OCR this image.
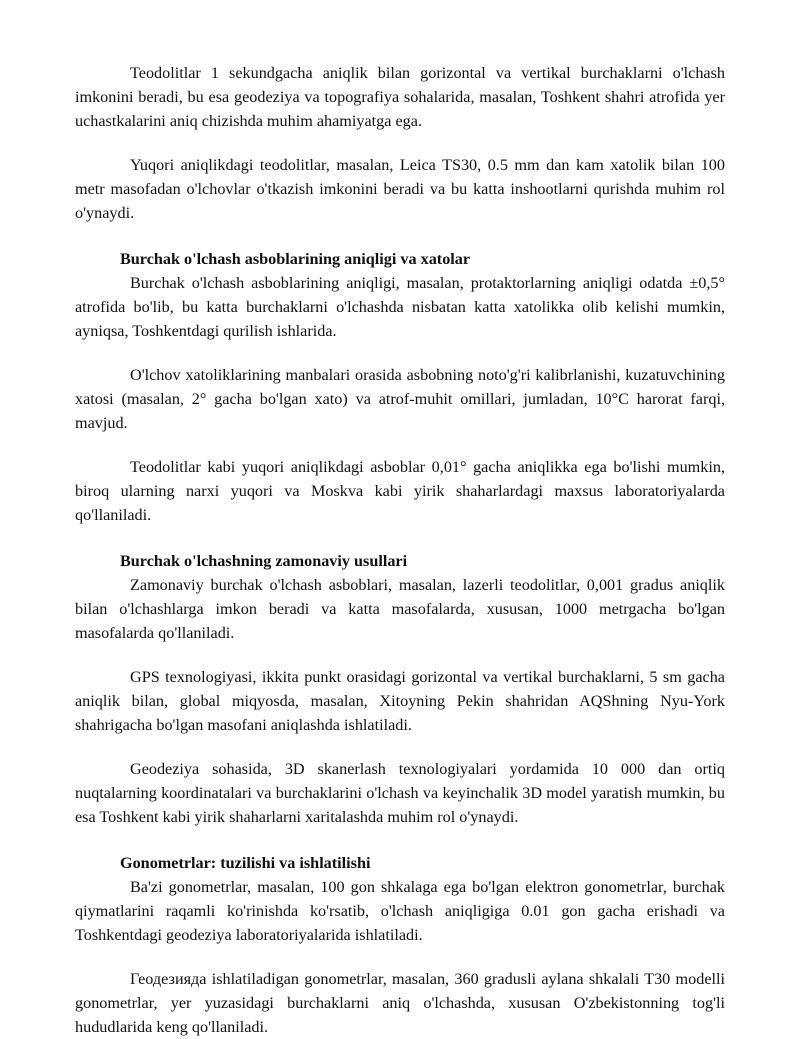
Teodolitlar 1 sekundgacha aniqlik bilan gorizontal va vertikal burchaklarni o'lchash imkonini beradi, bu esa geodeziya va topografiya sohalarida, masalan, Toshkent shahri atrofida yer uchastkalarini aniq chizishda muhim ahamiyatga ega.

Yuqori aniqlikdagi teodolitlar, masalan, Leica TS30, 0.5 mm dan kam xatolik bilan 100 metr masofadan o'lchovlar o'tkazish imkonini beradi va bu katta inshootlarni qurishda muhim rol o'ynaydi.

Burchak o'lchash asboblarining aniqligi va xatolar

Burchak o'lchash asboblarining aniqligi, masalan, protaktorlarning aniqligi odatda ±0,5° atrofida bo'lib, bu katta burchaklarni o'lchashda nisbatan katta xatolikka olib kelishi mumkin, ayniqsa, Toshkentdagi qurilish ishlarida.

O'lchov xatoliklarining manbalari orasida asbobning noto'g'ri kalibrlanishi, kuzatuvchining xatosi (masalan, 2° gacha bo'lgan xato) va atrof-muhit omillari, jumladan, 10°C harorat farqi, mavjud.

Teodolitlar kabi yuqori aniqlikdagi asboblar 0,01° gacha aniqlikka ega bo'lishi mumkin, biroq ularning narxi yuqori va Moskva kabi yirik shaharlardagi maxsus laboratoriyalarda qo'llaniladi.

Burchak o'lchashning zamonaviy usullari

Zamonaviy burchak o'lchash asboblari, masalan, lazerli teodolitlar, 0,001 gradus aniqlik bilan o'lchashlarga imkon beradi va katta masofalarda, xususan, 1000 metrgacha bo'lgan masofalarda qo'llaniladi.

GPS texnologiyasi, ikkita punkt orasidagi gorizontal va vertikal burchaklarni, 5 sm gacha aniqlik bilan, global miqyosda, masalan, Xitoyning Pekin shahridan AQShning Nyu-York shahrigacha bo'lgan masofani aniqlashda ishlatiladi.

Geodeziya sohasida, 3D skanerlash texnologiyalari yordamida 10 000 dan ortiq nuqtalarning koordinatalari va burchaklarini o'lchash va keyinchalik 3D model yaratish mumkin, bu esa Toshkent kabi yirik shaharlarni xaritalashda muhim rol o'ynaydi.

Gonometrlar: tuzilishi va ishlatilishi

Ba'zi gonometrlar, masalan, 100 gon shkalaga ega bo'lgan elektron gonometrlar, burchak qiymatlarini raqamli ko'rinishda ko'rsatib, o'lchash aniqligiga 0.01 gon gacha erishadi va Toshkentdagi geodeziya laboratoriyalarida ishlatiladi.

Геодезияда ishlatiladigan gonometrlar, masalan, 360 gradusli aylana shkalali T30 modelli gonometrlar, yer yuzasidagi burchaklarni aniq o'lchashda, xususan O'zbekistonning tog'li hududlarida keng qo'llaniladi.
